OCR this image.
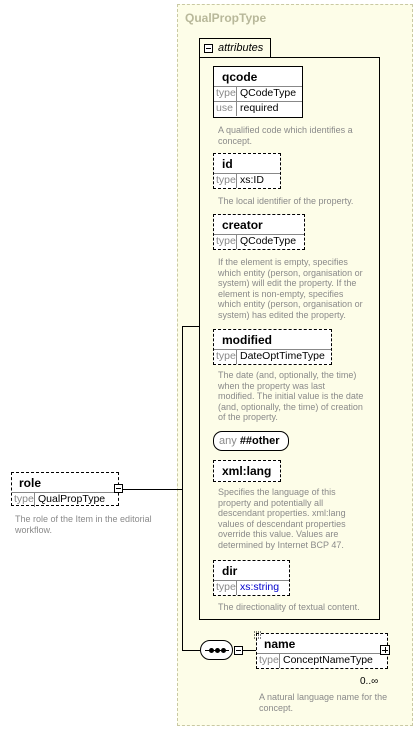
QualPropType
attributes
qcode
type QCodeType
use required
A qualified code which identifies a
concept.
id
type xs:ID
The local identifier of the property.
creator
type QCodeType
If the element is empty, specifies
which entity (person, organisation or
system) will edit the property. If the
element is non-empty, specifies
which entity (person, organisation or
system) has edited the property.
modified
type DateOptTimeType
The date (and, optionally, the time)
when the property was last
modified. The initial value is the date
(and, optionally, the time) of creation
of the property.
any ##other
xml:lang
Specifies the language of this
property and potentially all
descendant properties. xml:lang
values of descendant properties
override this value. Values are
determined by Internet BCP 47.
dir
type xs:string
The directionality of textual content.
role
type QualPropType
The role of the Item in the editorial
workflow.
name
type ConceptNameType
0..∞
A natural language name for the
concept.
